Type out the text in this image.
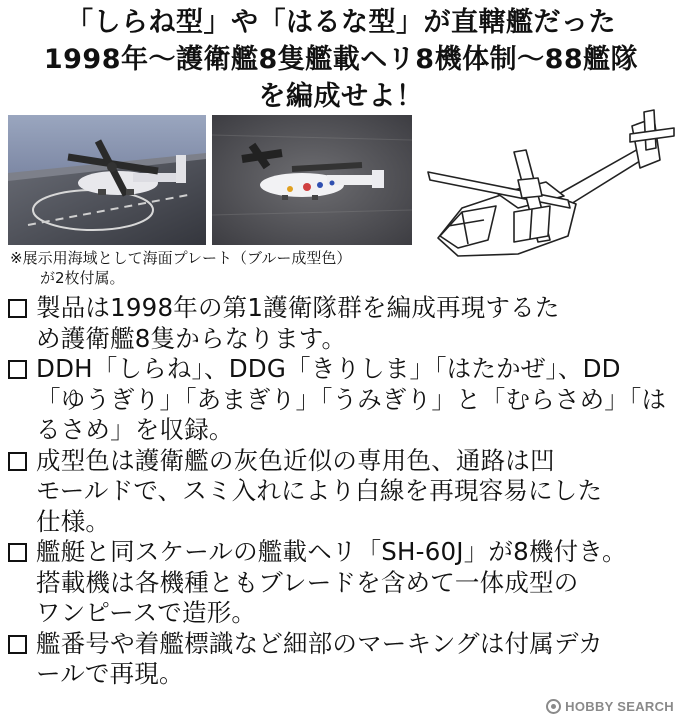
「しらね型」や「はるな型」が直轄艦だった
1998年〜護衛艦8隻艦載ヘリ8機体制〜88艦隊
を編成せよ！
※展示用海域として海面プレート（ブルー成型色）
が2枚付属。
製品は1998年の第1護衛隊群を編成再現するた
め護衛艦8隻からなります。
DDH「しらね」、DDG「きりしま」「はたかぜ」、DD
「ゆうぎり」「あまぎり」「うみぎり」と「むらさめ」「は
るさめ」を収録。
成型色は護衛艦の灰色近似の専用色、通路は凹
モールドで、スミ入れにより白線を再現容易にした
仕様。
艦艇と同スケールの艦載ヘリ「SH-60J」が8機付き。
搭載機は各機種ともブレードを含めて一体成型の
ワンピースで造形。
艦番号や着艦標識など細部のマーキングは付属デカ
ールで再現。
HOBBY SEARCH
